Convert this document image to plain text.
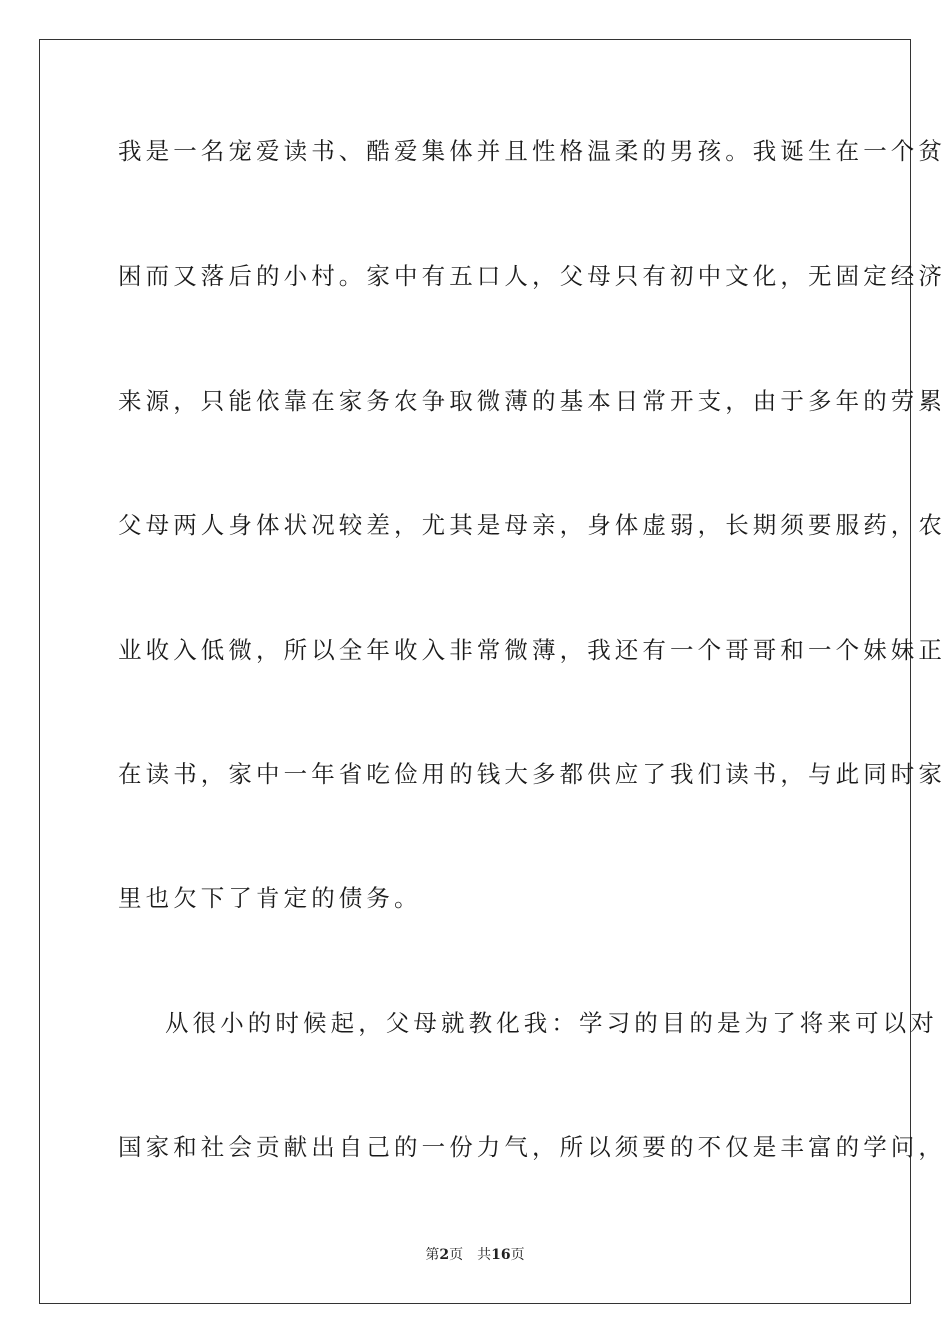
我是一名宠爱读书、酷爱集体并且性格温柔的男孩。我诞生在一个贫
困而又落后的小村。家中有五口人，父母只有初中文化，无固定经济
来源，只能依靠在家务农争取微薄的基本日常开支，由于多年的劳累
父母两人身体状况较差，尤其是母亲，身体虚弱，长期须要服药，农
业收入低微，所以全年收入非常微薄，我还有一个哥哥和一个妹妹正
在读书，家中一年省吃俭用的钱大多都供应了我们读书，与此同时家
里也欠下了肯定的债务。
从很小的时候起，父母就教化我：学习的目的是为了将来可以对
国家和社会贡献出自己的一份力气，所以须要的不仅是丰富的学问，
第2页 共16页
